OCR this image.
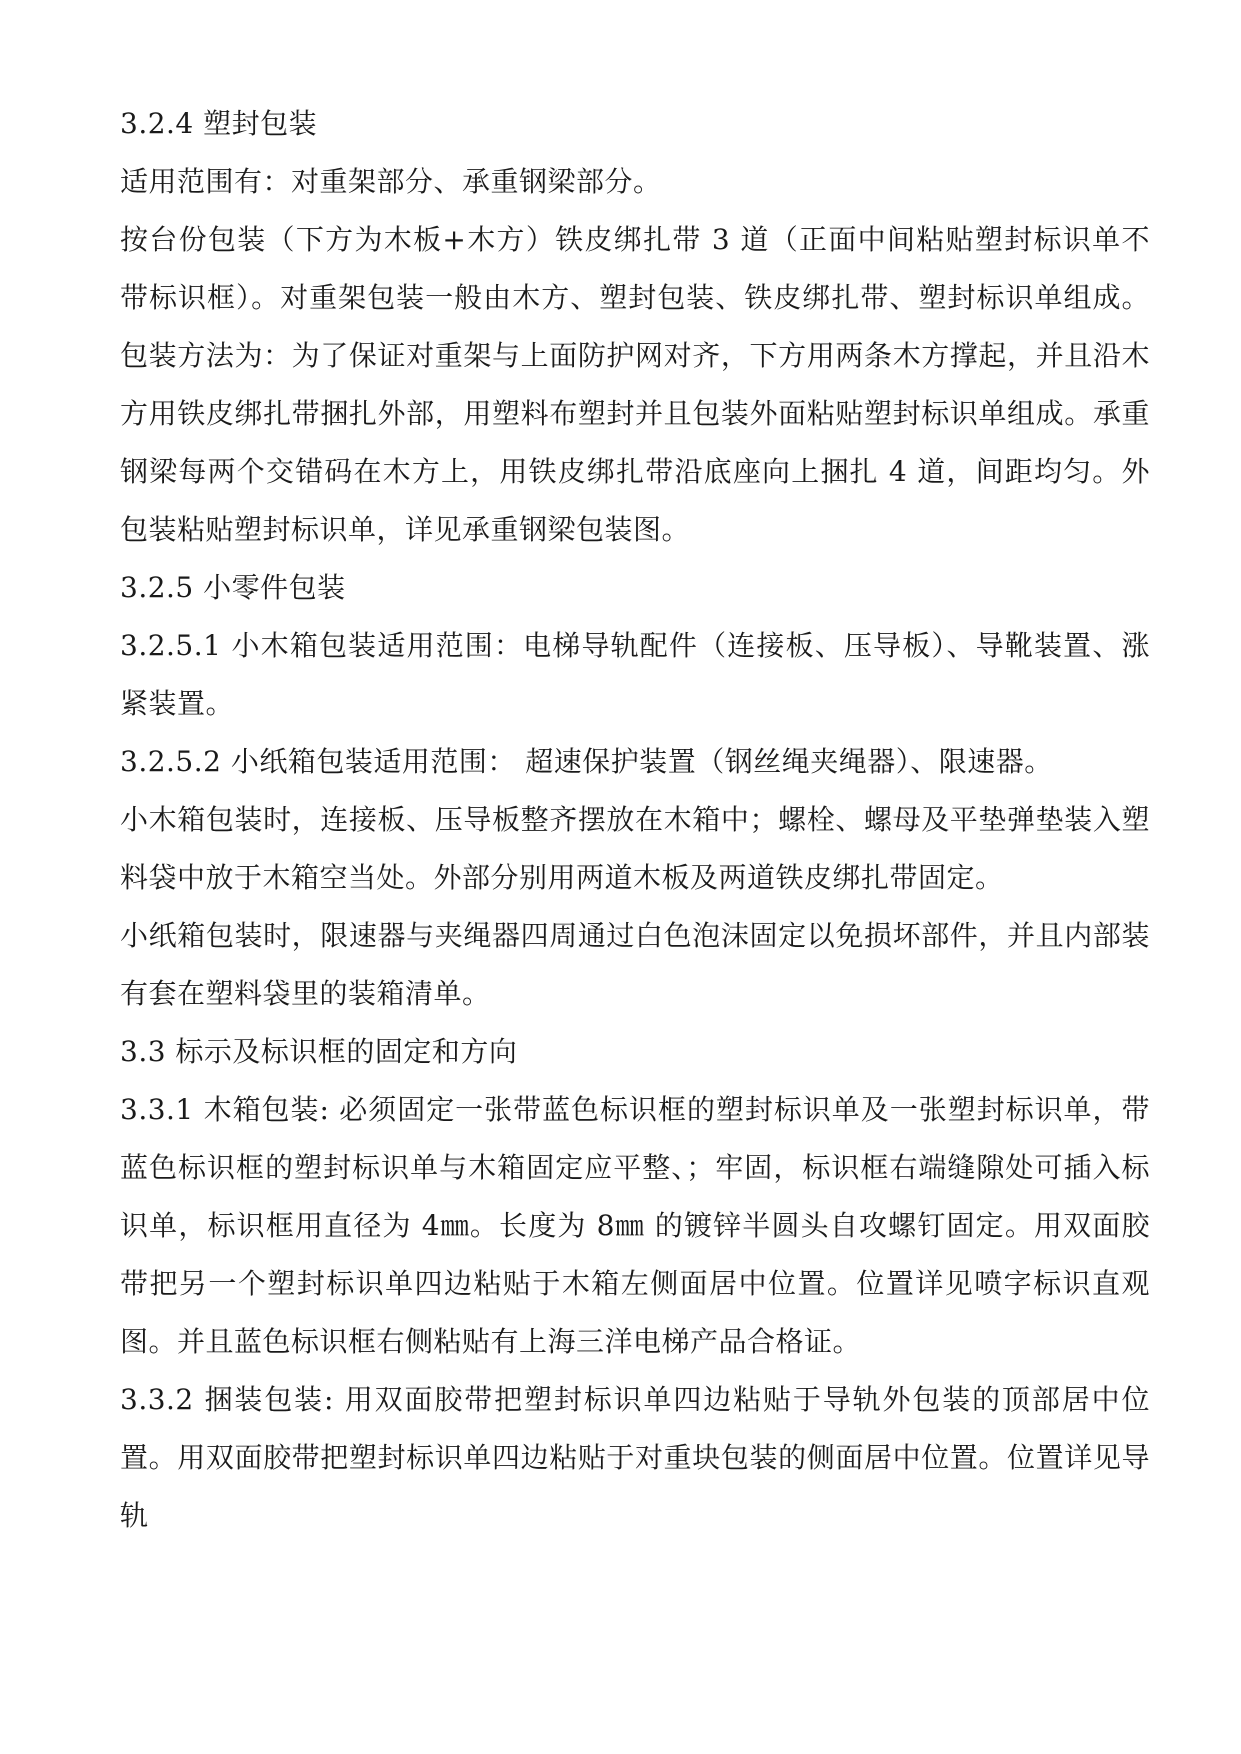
3.2.4 塑封包装

适用范围有：对重架部分、承重钢梁部分。

按台份包装（下方为木板+木方）铁皮绑扎带 3 道（正面中间粘贴塑封标识单不带标识框）。对重架包装一般由木方、塑封包装、铁皮绑扎带、塑封标识单组成。包装方法为：为了保证对重架与上面防护网对齐，下方用两条木方撑起，并且沿木方用铁皮绑扎带捆扎外部，用塑料布塑封并且包装外面粘贴塑封标识单组成。承重钢梁每两个交错码在木方上，用铁皮绑扎带沿底座向上捆扎 4 道，间距均匀。外包装粘贴塑封标识单，详见承重钢梁包装图。

3.2.5 小零件包装

3.2.5.1 小木箱包装适用范围：电梯导轨配件（连接板、压导板）、导靴装置、涨紧装置。

3.2.5.2 小纸箱包装适用范围： 超速保护装置（钢丝绳夹绳器）、限速器。

小木箱包装时，连接板、压导板整齐摆放在木箱中；螺栓、螺母及平垫弹垫装入塑料袋中放于木箱空当处。外部分别用两道木板及两道铁皮绑扎带固定。

小纸箱包装时，限速器与夹绳器四周通过白色泡沫固定以免损坏部件，并且内部装有套在塑料袋里的装箱清单。

3.3 标示及标识框的固定和方向

3.3.1 木箱包装: 必须固定一张带蓝色标识框的塑封标识单及一张塑封标识单，带蓝色标识框的塑封标识单与木箱固定应平整、；牢固，标识框右端缝隙处可插入标识单，标识框用直径为 4㎜。长度为 8㎜ 的镀锌半圆头自攻螺钉固定。用双面胶带把另一个塑封标识单四边粘贴于木箱左侧面居中位置。位置详见喷字标识直观图。并且蓝色标识框右侧粘贴有上海三洋电梯产品合格证。

3.3.2 捆装包装: 用双面胶带把塑封标识单四边粘贴于导轨外包装的顶部居中位置。用双面胶带把塑封标识单四边粘贴于对重块包装的侧面居中位置。位置详见导轨
